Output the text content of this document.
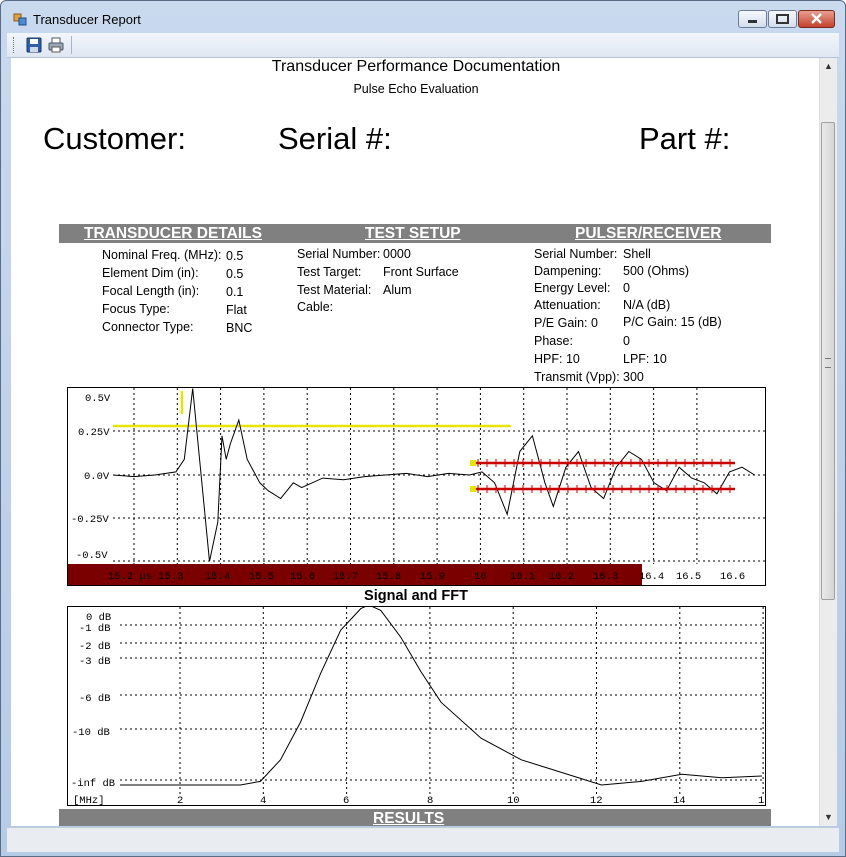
Transducer Report
Transducer Performance Documentation
Pulse Echo Evaluation
Customer:	Serial #:	Part #:
TRANSDUCER DETAILS	TEST SETUP	PULSER/RECEIVER
Nominal Freq. (MHz): 0.5
Element Dim (in): 0.5
Focal Length (in): 0.1
Focus Type:	Flat
Connector Type:	BNC
Serial Number: 0000
Test Target: Front Surface
Test Material: Alum
Cable:
Serial Number: Shell
Dampening: 500 (Ohms)
Energy Level: 0
Attenuation: N/A (dB)
P/E Gain: 0 P/C Gain: 15 (dB)
Phase:	0
HPF: 10	LPF: 10
Transmit (Vpp): 300
0.5V
0.25V
0.0V
-0.25V
-0.5V
15.2 µs 15.3 15.4 15.5 15.6 15.7 15.8 15.9	16 16.1 16.2 16.3 16.4 16.5 16.6
Signal and FFT
0 dB
-1 dB
-2 dB
-3 dB
-6 dB
-10 dB
-inf dB
[MHz]	2	4	6	8	10	12	14	1
RESULTS
▲
▼
